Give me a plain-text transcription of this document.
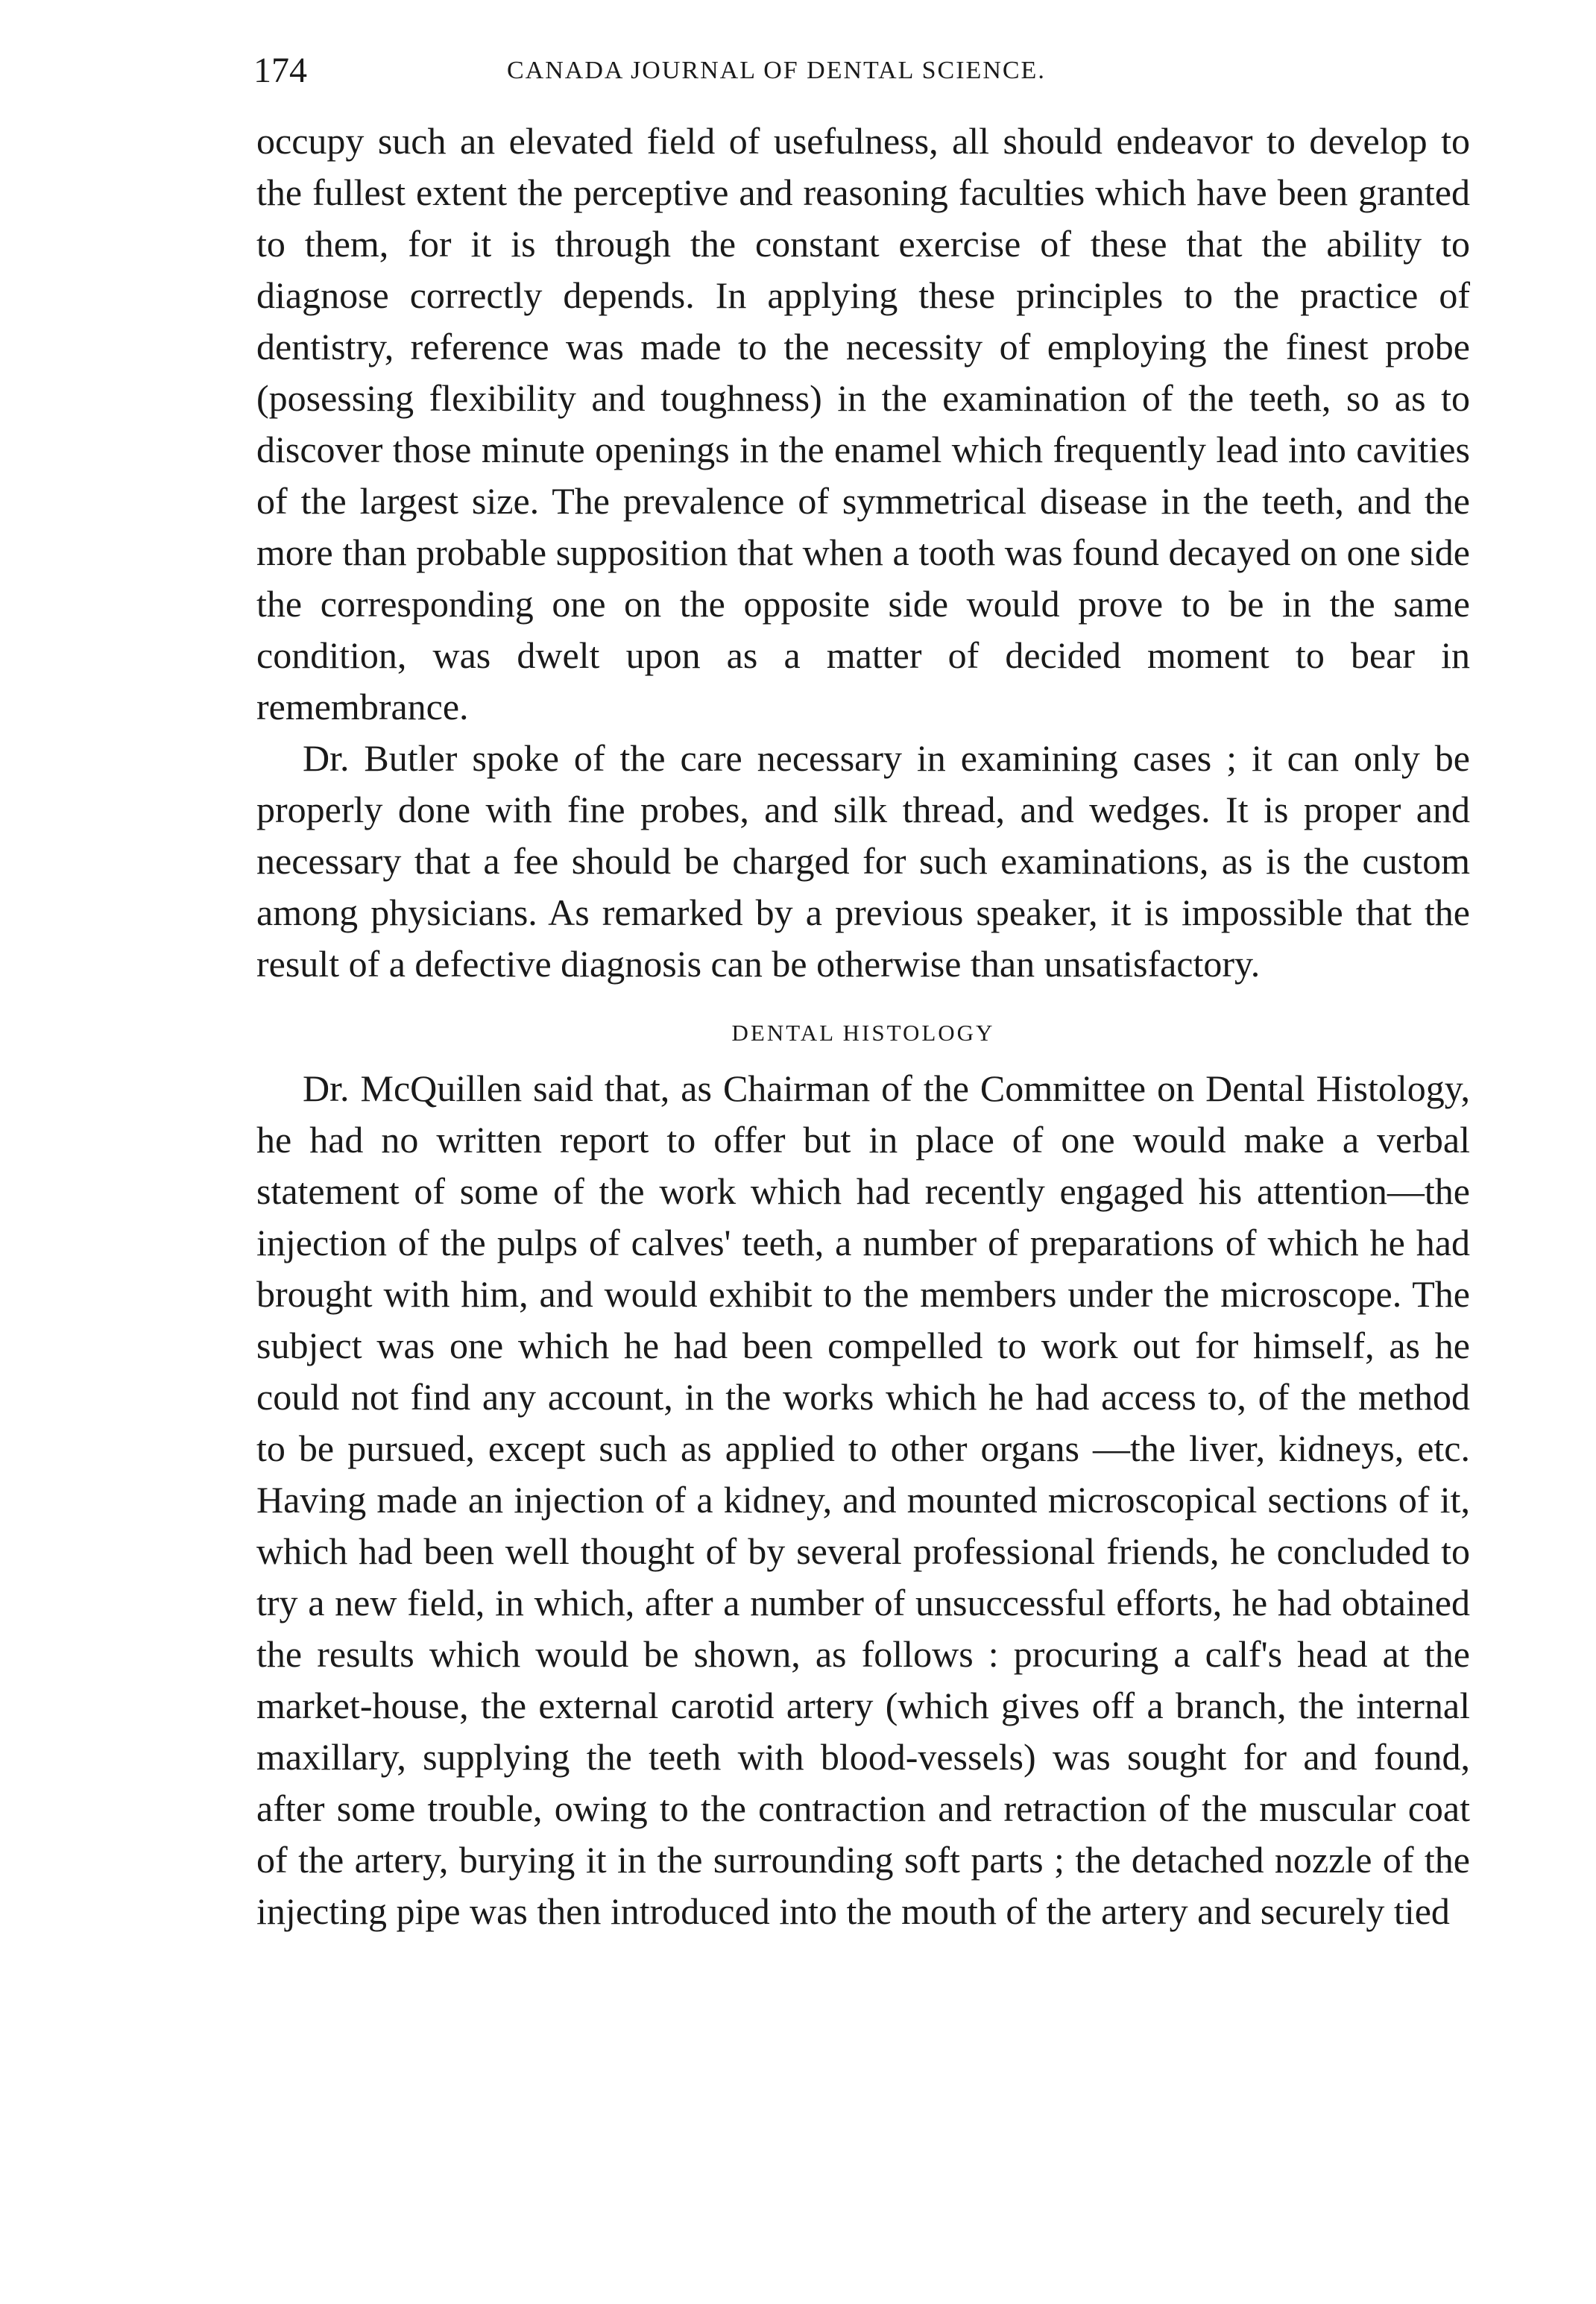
174	CANADA JOURNAL OF DENTAL SCIENCE.

occupy such an elevated field of usefulness, all should endeavor to develop to the fullest extent the perceptive and reasoning faculties which have been granted to them, for it is through the constant exercise of these that the ability to diagnose correctly depends. In applying these principles to the practice of dentistry, reference was made to the necessity of employing the finest probe (posessing flexibility and toughness) in the examination of the teeth, so as to discover those minute openings in the enamel which frequently lead into cavities of the largest size. The prevalence of symmetrical disease in the teeth, and the more than probable supposition that when a tooth was found decayed on one side the corresponding one on the opposite side would prove to be in the same condition, was dwelt upon as a matter of decided moment to bear in remembrance.

Dr. Butler spoke of the care necessary in examining cases ; it can only be properly done with fine probes, and silk thread, and wedges. It is proper and necessary that a fee should be charged for such examinations, as is the custom among physicians. As remarked by a previous speaker, it is impossible that the result of a defective diagnosis can be otherwise than unsatisfactory.

DENTAL HISTOLOGY

Dr. McQuillen said that, as Chairman of the Committee on Dental Histology, he had no written report to offer but in place of one would make a verbal statement of some of the work which had recently engaged his attention—the injection of the pulps of calves' teeth, a number of preparations of which he had brought with him, and would exhibit to the members under the microscope. The subject was one which he had been compelled to work out for himself, as he could not find any account, in the works which he had access to, of the method to be pursued, except such as applied to other organs —the liver, kidneys, etc. Having made an injection of a kidney, and mounted microscopical sections of it, which had been well thought of by several professional friends, he concluded to try a new field, in which, after a number of unsuccessful efforts, he had obtained the results which would be shown, as follows : procuring a calf's head at the market-house, the external carotid artery (which gives off a branch, the internal maxillary, supplying the teeth with blood-vessels) was sought for and found, after some trouble, owing to the contraction and retraction of the muscular coat of the artery, burying it in the surrounding soft parts ; the detached nozzle of the injecting pipe was then introduced into the mouth of the artery and securely tied
